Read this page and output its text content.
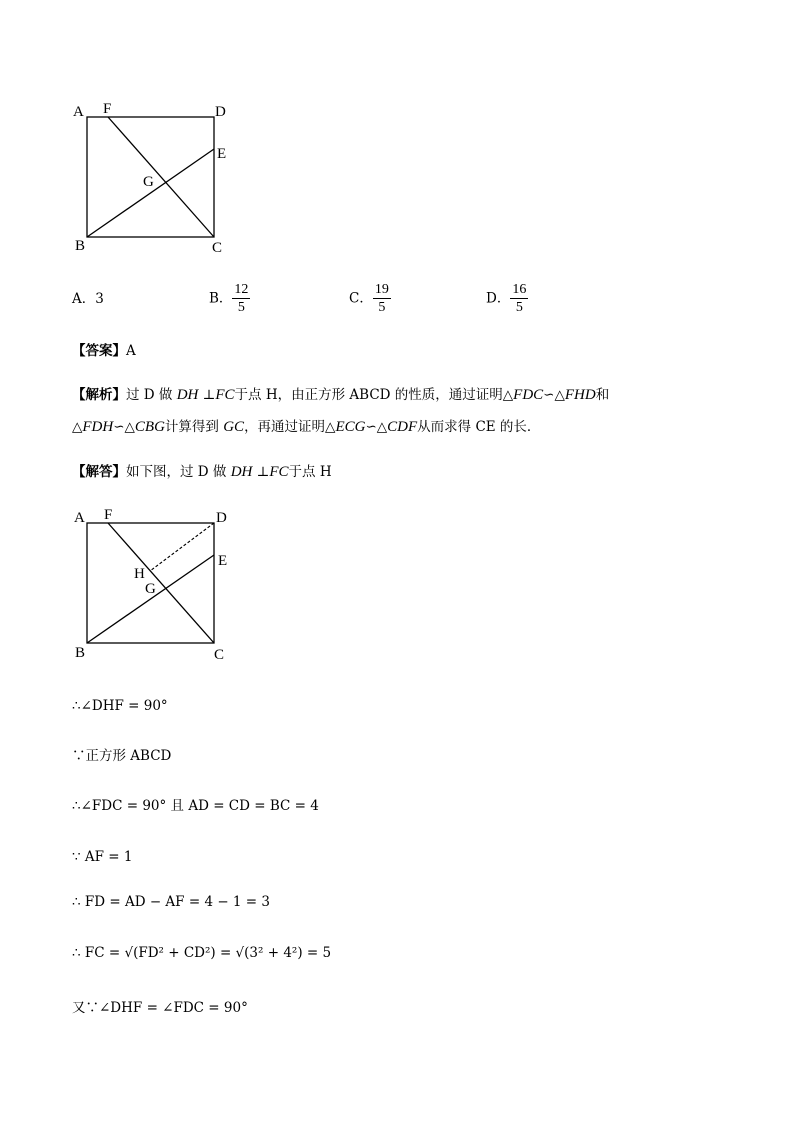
A F	D
E
G
B	C
A．3	B． $\frac{12}{5}$	C． $\frac{19}{5}$	D． $\frac{16}{5}$
【答案】A
【解析】过 D 做 DH ⊥FC于点 H，由正方形 ABCD 的性质，通过证明△FDC∽△FHD和
△FDH∽△CBG计算得到 GC，再通过证明△ECG∽△CDF从而求得 CE 的长．
【解答】如下图，过 D 做 DH ⊥FC于点 H
A F	D
E
H
G
B	C
∴∠DHF = 90°
∵正方形 ABCD
∴∠FDC = 90° 且 AD = CD = BC = 4
∵ AF = 1
∴ FD = AD − AF = 4 − 1 = 3
∴ FC = √(FD² + CD²) = √(3² + 4²) = 5
又∵∠DHF = ∠FDC = 90°
